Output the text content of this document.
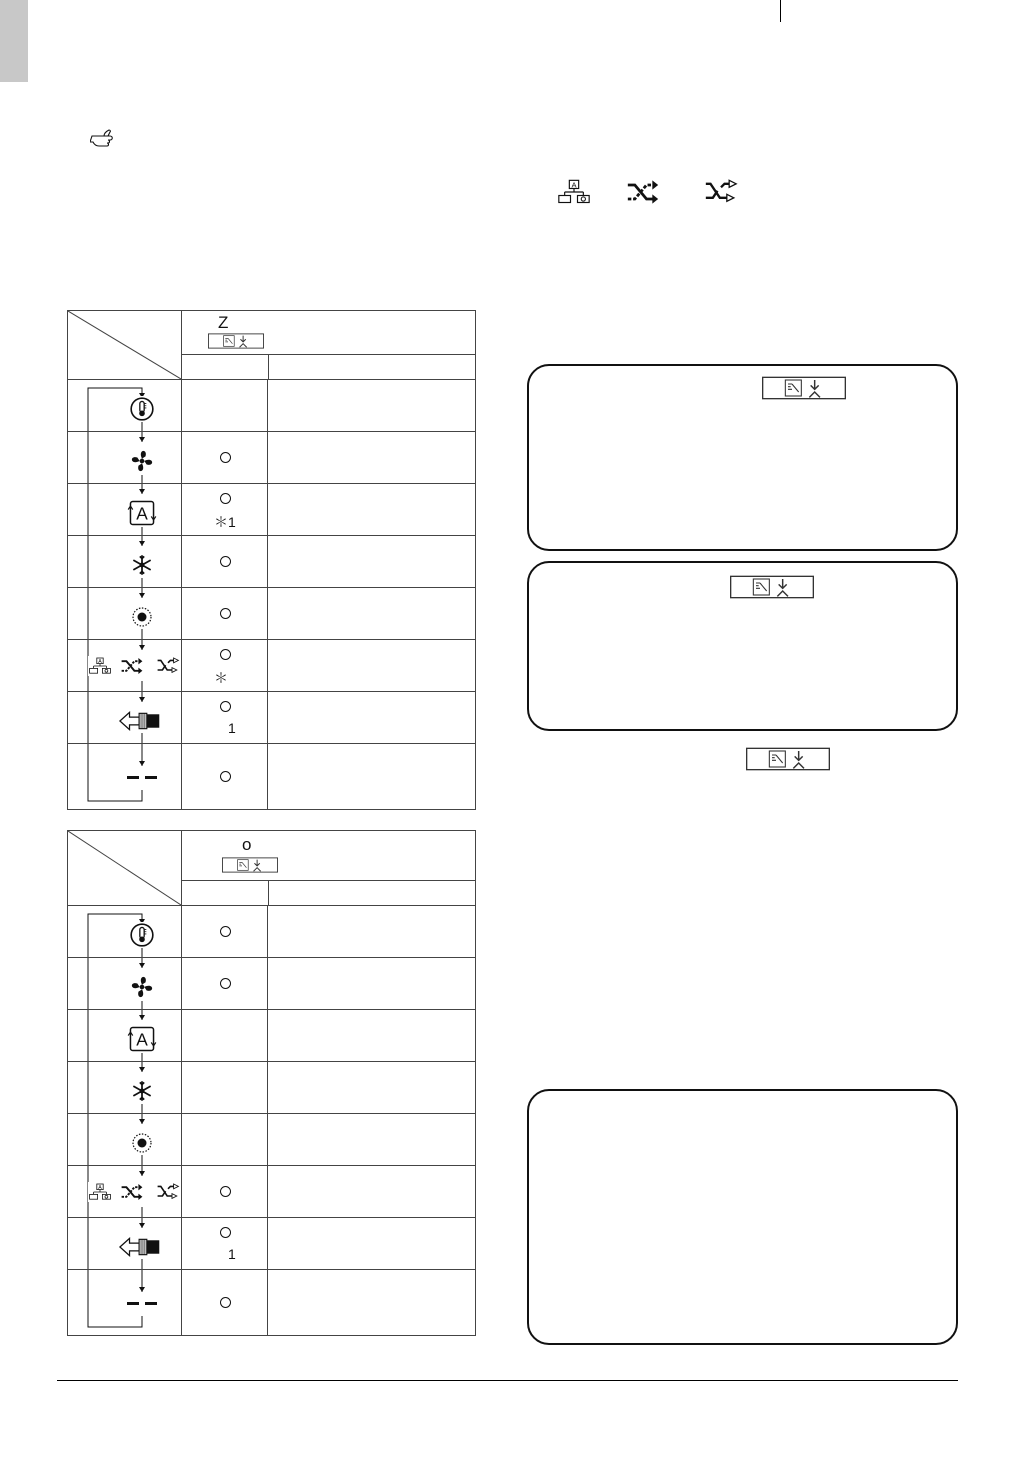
Z
＊1
＊
1
o
1
